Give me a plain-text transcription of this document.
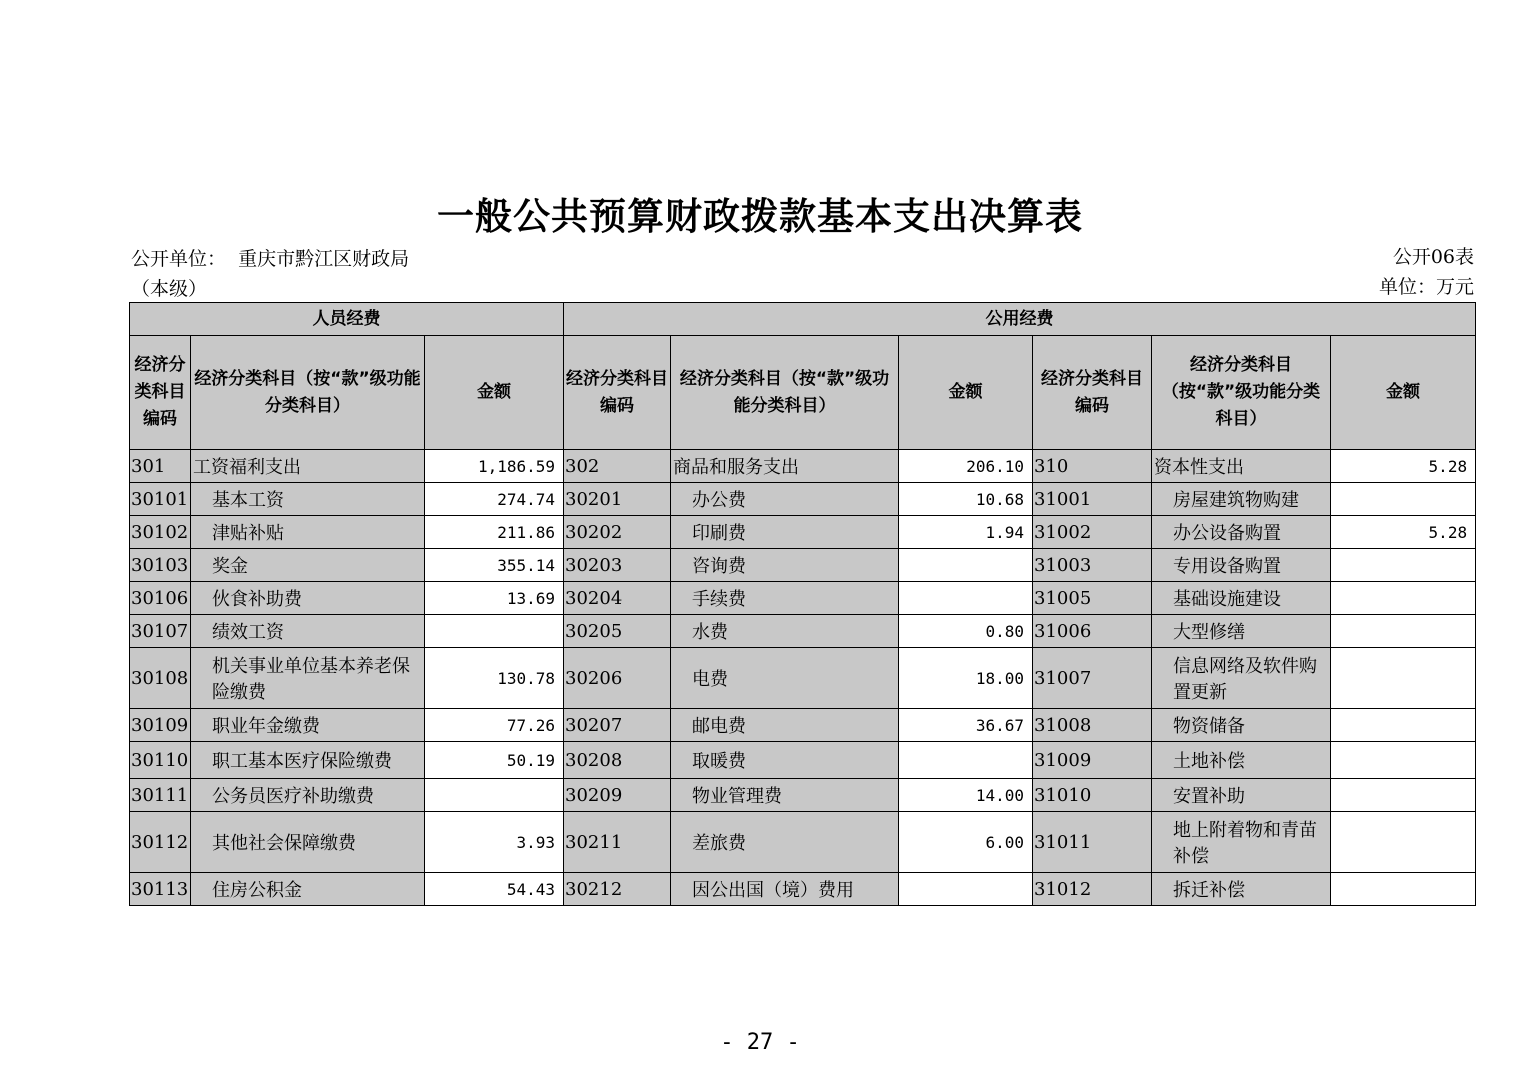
一般公共预算财政拨款基本支出决算表
公开单位： 重庆市黔江区财政局（本级）
公开06表
单位：万元
人员经费			公用经费					
经济分类科目编码	经济分类科目（按“款”级功能分类科目）	金额	经济分类科目编码	经济分类科目（按“款”级功能分类科目）	金额	经济分类科目编码	经济分类科目（按“款”级功能分类科目）	金额
301	工资福利支出	1,186.59	302	商品和服务支出	206.10	310	资本性支出	5.28
30101	基本工资	274.74	30201	办公费	10.68	31001	房屋建筑物购建	
30102	津贴补贴	211.86	30202	印刷费	1.94	31002	办公设备购置	5.28
30103	奖金	355.14	30203	咨询费		31003	专用设备购置	
30106	伙食补助费	13.69	30204	手续费		31005	基础设施建设	
30107	绩效工资		30205	水费	0.80	31006	大型修缮	
30108	机关事业单位基本养老保险缴费	130.78	30206	电费	18.00	31007	信息网络及软件购置更新	
30109	职业年金缴费	77.26	30207	邮电费	36.67	31008	物资储备	
30110	职工基本医疗保险缴费	50.19	30208	取暖费		31009	土地补偿	
30111	公务员医疗补助缴费		30209	物业管理费	14.00	31010	安置补助	
30112	其他社会保障缴费	3.93	30211	差旅费	6.00	31011	地上附着物和青苗补偿	
30113	住房公积金	54.43	30212	因公出国（境）费用		31012	拆迁补偿	
- 27 -
